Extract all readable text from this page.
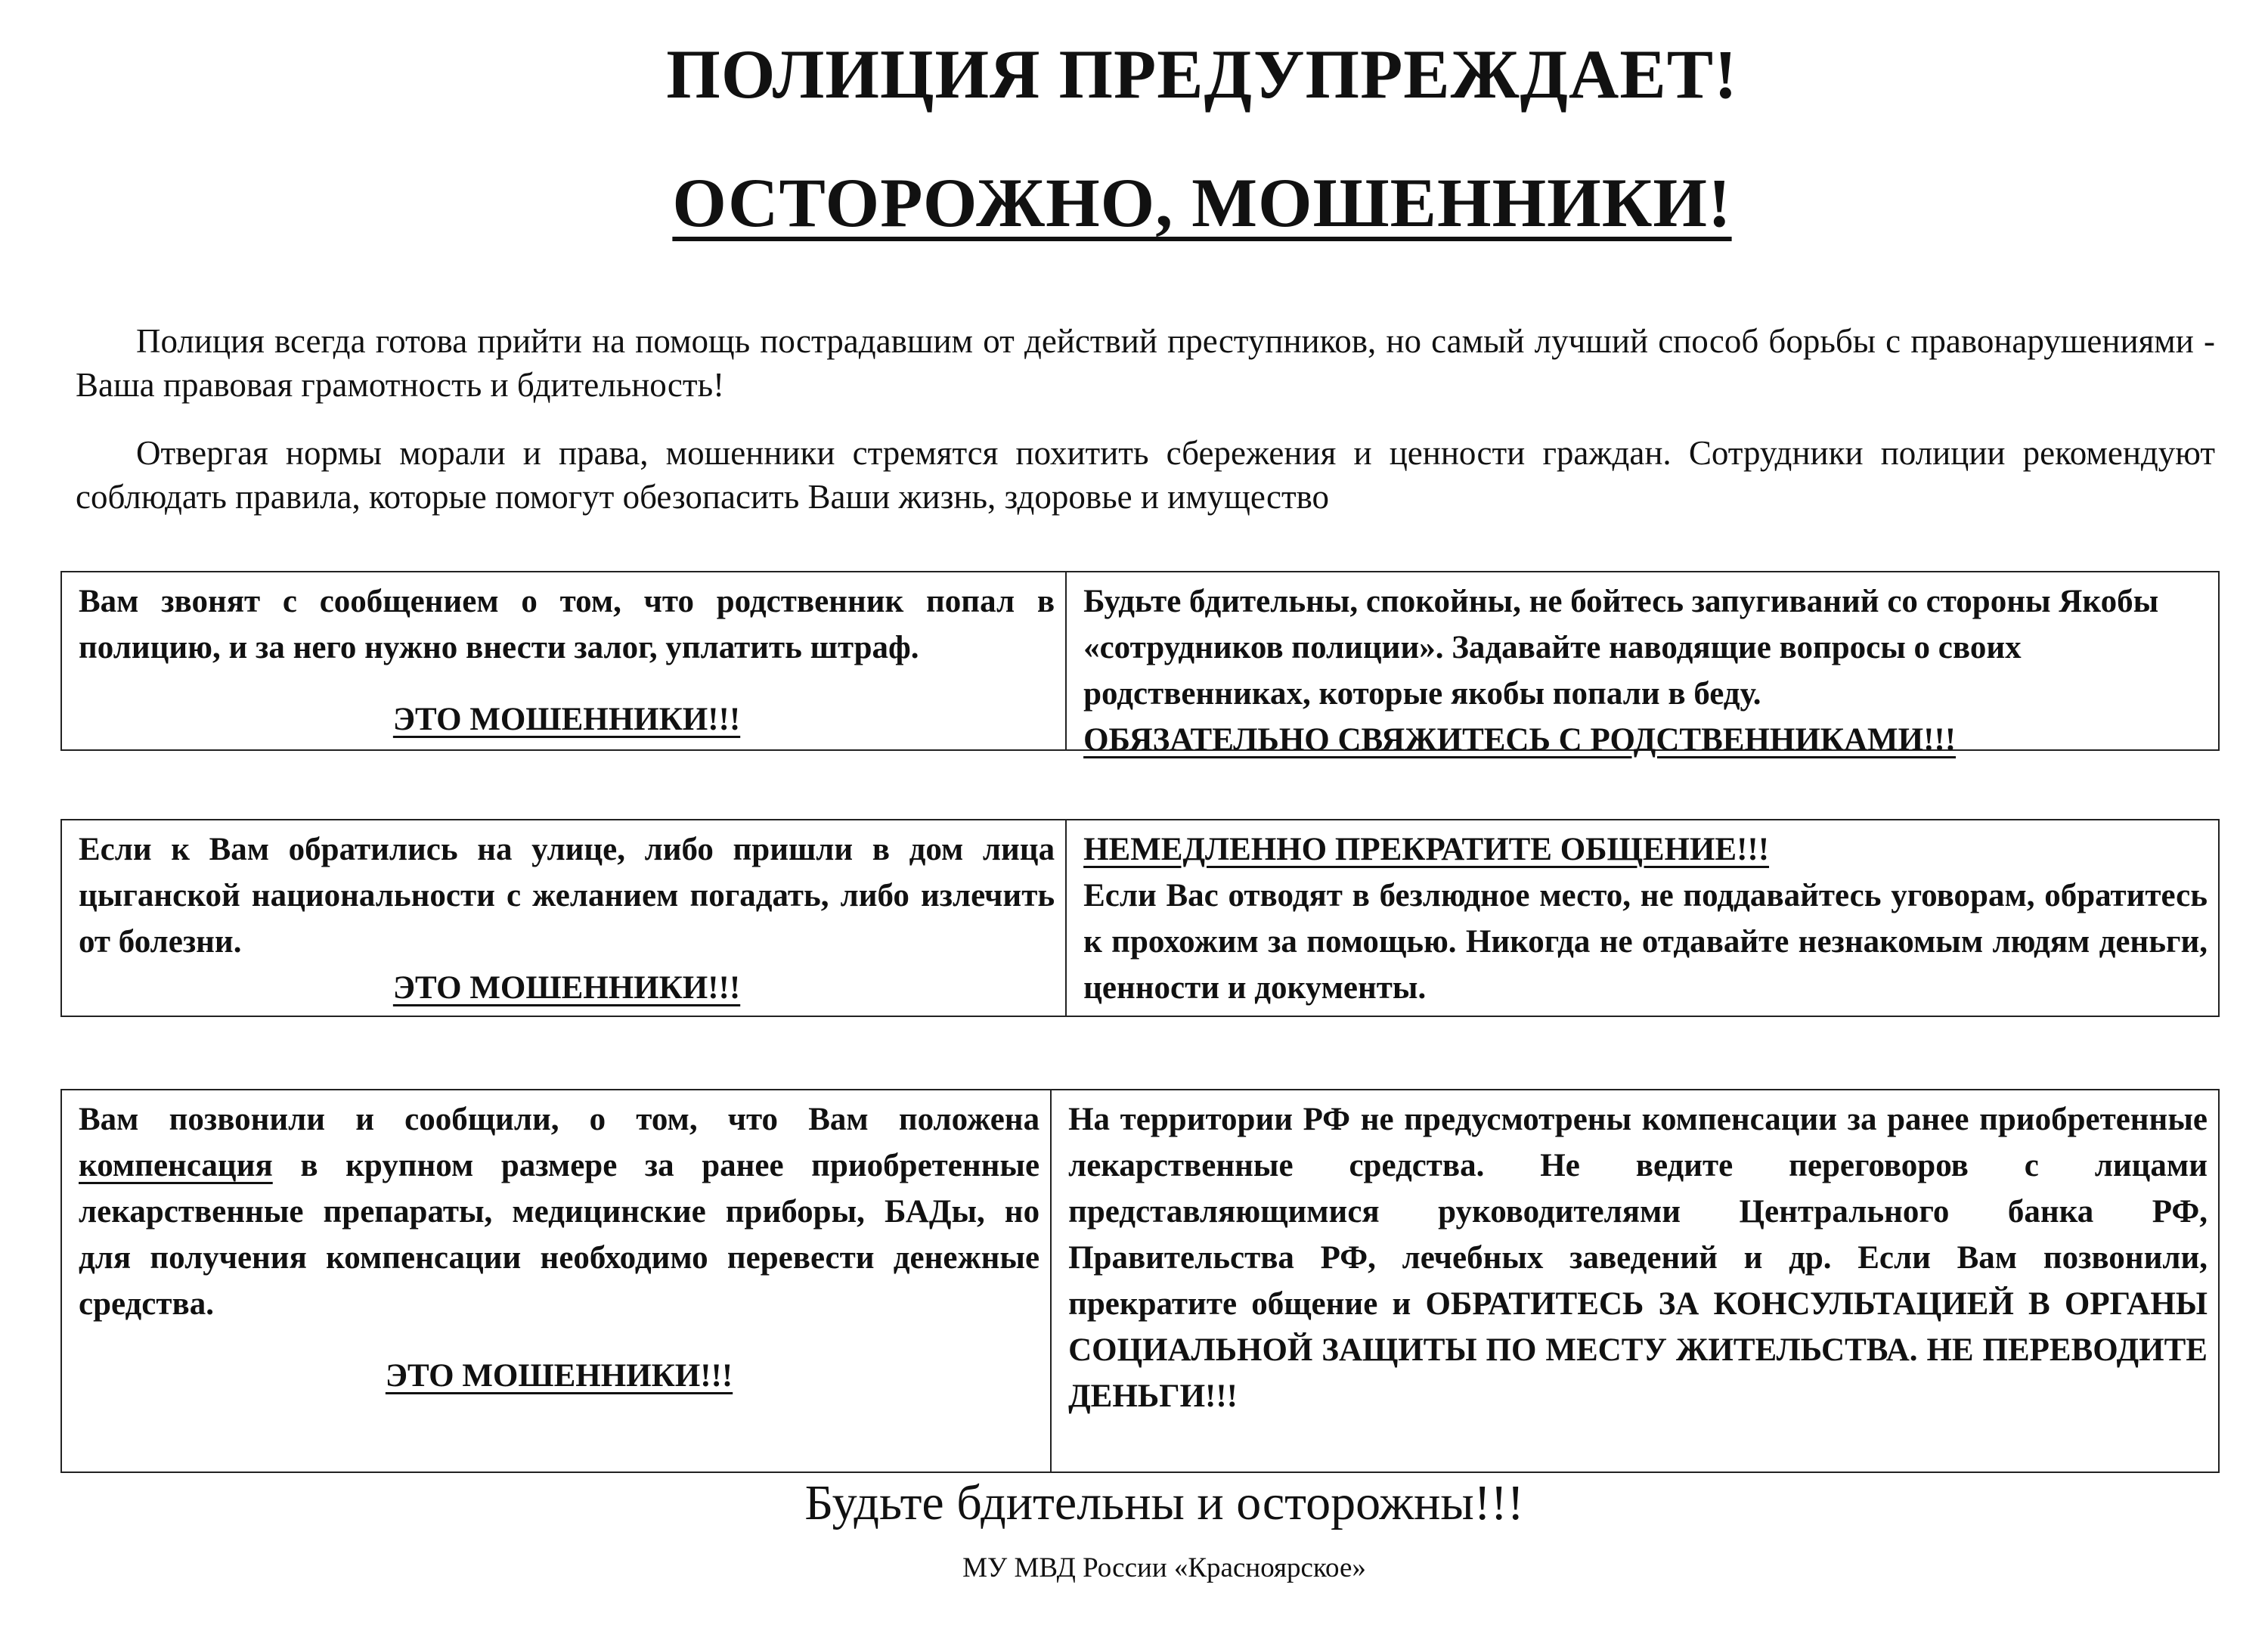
ПОЛИЦИЯ ПРЕДУПРЕЖДАЕТ!
ОСТОРОЖНО, МОШЕННИКИ!

Полиция всегда готова прийти на помощь пострадавшим от действий преступников, но самый лучший способ борьбы с правонарушениями - Ваша правовая грамотность и бдительность!

Отвергая нормы морали и права, мошенники стремятся похитить сбережения и ценности граждан. Сотрудники полиции рекомендуют соблюдать правила, которые помогут обезопасить Ваши жизнь, здоровье и имущество

Вам звонят с сообщением о том, что родственник попал в полицию, и за него нужно внести залог, уплатить штраф.
ЭТО МОШЕННИКИ!!!
Будьте бдительны, спокойны, не бойтесь запугиваний со стороны Якобы «сотрудников полиции». Задавайте наводящие вопросы о своих родственниках, которые якобы попали в беду.
ОБЯЗАТЕЛЬНО СВЯЖИТЕСЬ С РОДСТВЕННИКАМИ!!!
Если к Вам обратились на улице, либо пришли в дом лица цыганской национальности с желанием погадать, либо излечить от болезни.
ЭТО МОШЕННИКИ!!!
НЕМЕДЛЕННО ПРЕКРАТИТЕ ОБЩЕНИЕ!!!
Если Вас отводят в безлюдное место, не поддавайтесь уговорам, обратитесь к прохожим за помощью. Никогда не отдавайте незнакомым людям деньги, ценности и документы.
Вам позвонили и сообщили, о том, что Вам положена компенсация в крупном размере за ранее приобретенные лекарственные препараты, медицинские приборы, БАДы, но для получения компенсации необходимо перевести денежные средства.
ЭТО МОШЕННИКИ!!!
На территории РФ не предусмотрены компенсации за ранее приобретенные лекарственные средства. Не ведите переговоров с лицами представляющимися руководителями Центрального банка РФ, Правительства РФ, лечебных заведений и др. Если Вам позвонили, прекратите общение и ОБРАТИТЕСЬ ЗА КОНСУЛЬТАЦИЕЙ В ОРГАНЫ СОЦИАЛЬНОЙ ЗАЩИТЫ ПО МЕСТУ ЖИТЕЛЬСТВА. НЕ ПЕРЕВОДИТЕ ДЕНЬГИ!!!
Будьте бдительны и осторожны!!!
МУ МВД России «Красноярское»
